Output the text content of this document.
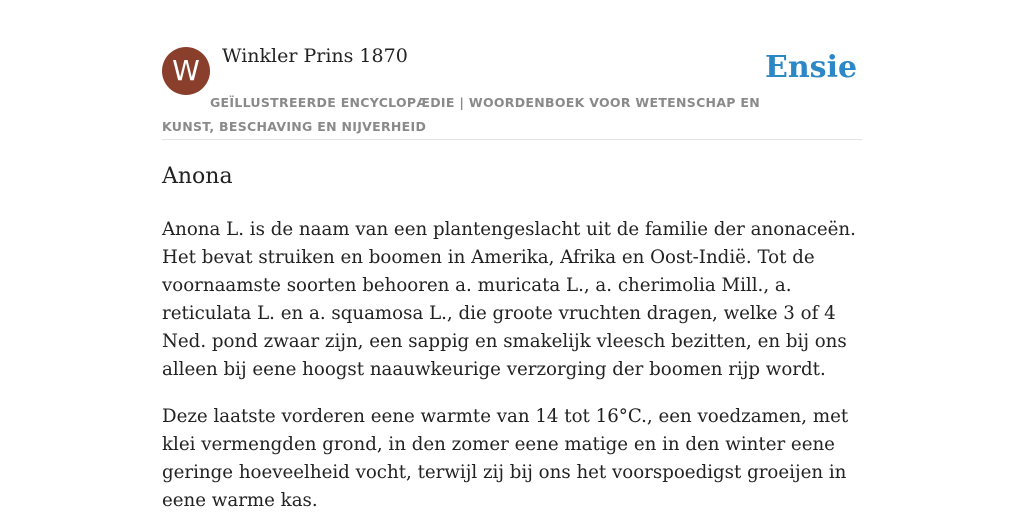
W	Winkler Prins 1870	Ensie
GEÏLLUSTREERDE ENCYCLOPÆDIE | WOORDENBOEK VOOR WETENSCHAP EN KUNST, BESCHAVING EN NIJVERHEID
Anona

Anona L. is de naam van een plantengeslacht uit de familie der anonaceën. Het bevat struiken en boomen in Amerika, Afrika en Oost-Indië. Tot de voornaamste soorten behooren a. muricata L., a. cherimolia Mill., a. reticulata L. en a. squamosa L., die groote vruchten dragen, welke 3 of 4 Ned. pond zwaar zijn, een sappig en smakelijk vleesch bezitten, en bij ons alleen bij eene hoogst naauwkeurige verzorging der boomen rijp wordt.

Deze laatste vorderen eene warmte van 14 tot 16°C., een voedzamen, met klei vermengden grond, in den zomer eene matige en in den winter eene geringe hoeveelheid vocht, terwijl zij bij ons het voorspoedigst groeijen in eene warme kas.
